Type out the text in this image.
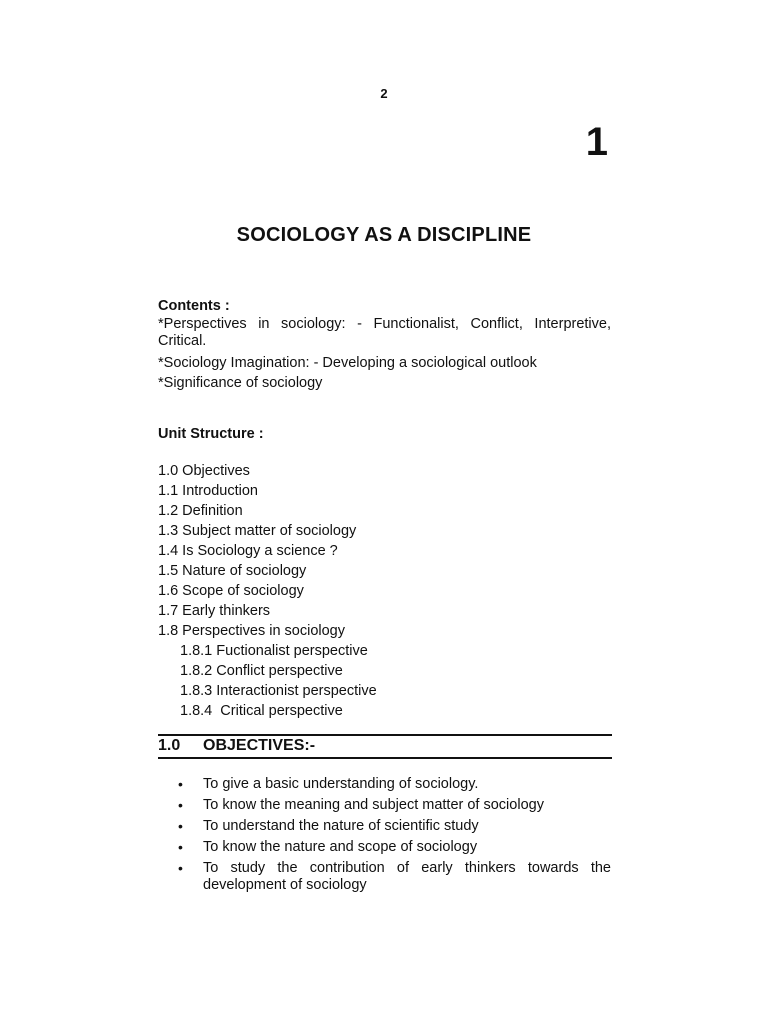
2
1
SOCIOLOGY AS A DISCIPLINE
Contents :
*Perspectives in sociology: - Functionalist, Conflict, Interpretive, Critical.
*Sociology Imagination: - Developing a sociological outlook
*Significance of sociology
Unit Structure :
1.0 Objectives
1.1 Introduction
1.2 Definition
1.3 Subject matter of sociology
1.4 Is Sociology a science ?
1.5 Nature of sociology
1.6 Scope of sociology
1.7 Early thinkers
1.8 Perspectives in sociology
1.8.1 Fuctionalist perspective
1.8.2 Conflict perspective
1.8.3 Interactionist perspective
1.8.4  Critical perspective
1.0 OBJECTIVES:-
• To give a basic understanding of sociology.
• To know the meaning and subject matter of sociology
• To understand the nature of scientific study
• To know the nature and scope of sociology
• To study the contribution of early thinkers towards the development of sociology
